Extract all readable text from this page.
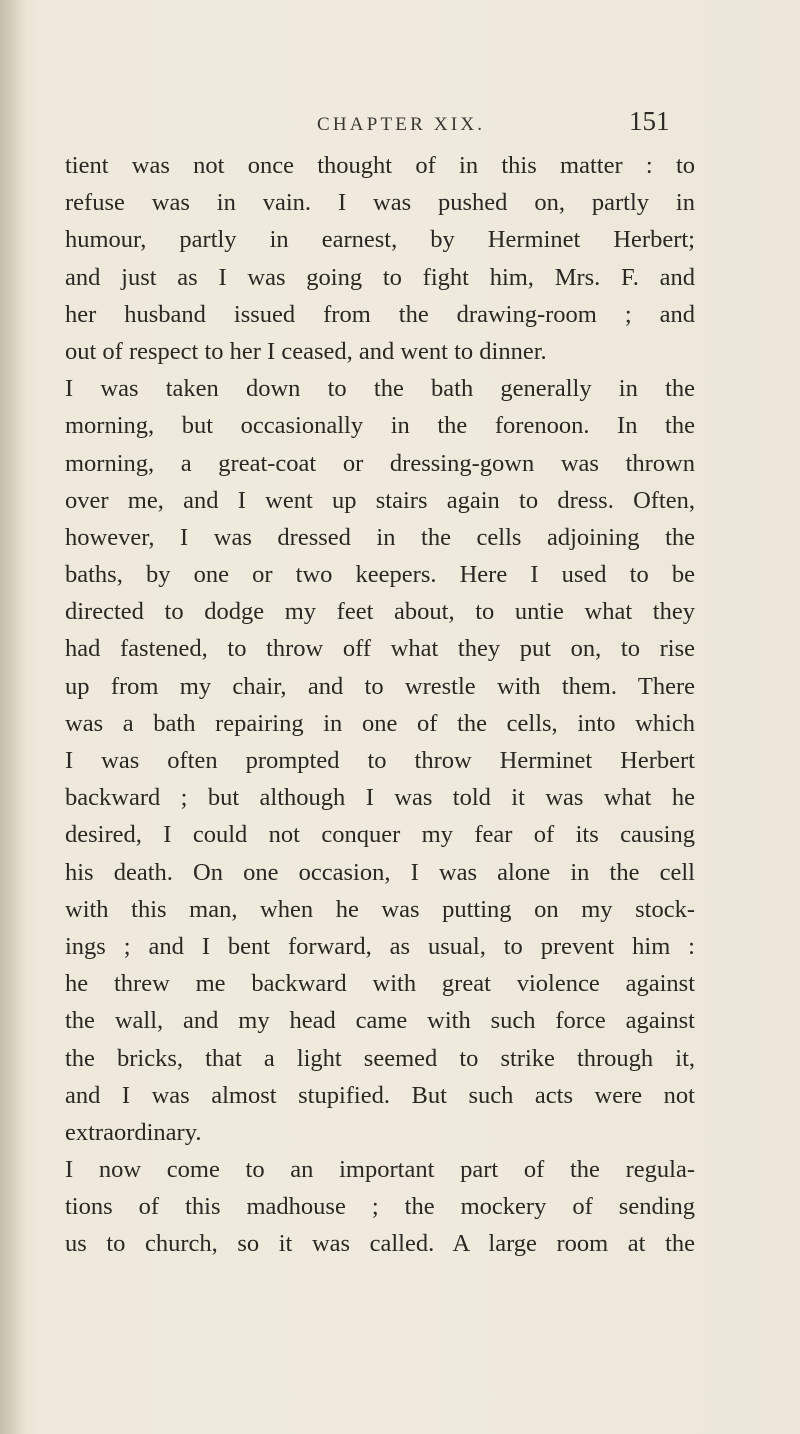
CHAPTER XIX.	151
tient was not once thought of in this matter : to
refuse was in vain. I was pushed on, partly in
humour, partly in earnest, by Herminet Herbert;
and just as I was going to fight him, Mrs. F. and
her husband issued from the drawing-room ; and
out of respect to her I ceased, and went to dinner.
I was taken down to the bath generally in the
morning, but occasionally in the forenoon. In the
morning, a great-coat or dressing-gown was thrown
over me, and I went up stairs again to dress. Often,
however, I was dressed in the cells adjoining the
baths, by one or two keepers. Here I used to be
directed to dodge my feet about, to untie what they
had fastened, to throw off what they put on, to rise
up from my chair, and to wrestle with them. There
was a bath repairing in one of the cells, into which
I was often prompted to throw Herminet Herbert
backward ; but although I was told it was what he
desired, I could not conquer my fear of its causing
his death. On one occasion, I was alone in the cell
with this man, when he was putting on my stock-
ings ; and I bent forward, as usual, to prevent him :
he threw me backward with great violence against
the wall, and my head came with such force against
the bricks, that a light seemed to strike through it,
and I was almost stupified. But such acts were not
extraordinary.
I now come to an important part of the regula-
tions of this madhouse ; the mockery of sending
us to church, so it was called. A large room at the
